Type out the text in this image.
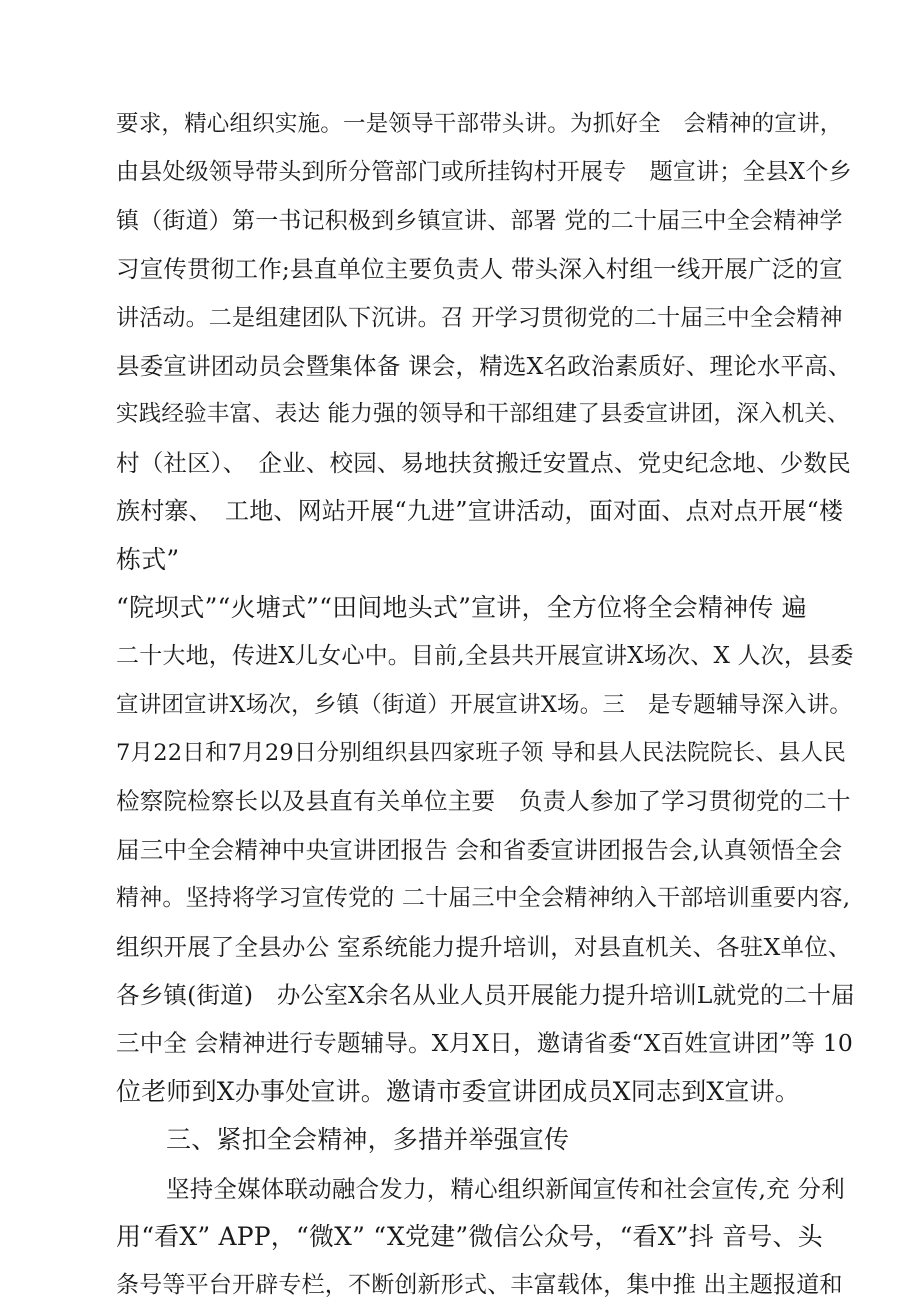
要求，精心组织实施。一是领导干部带头讲。为抓好全　会精神的宣讲，
由县处级领导带头到所分管部门或所挂钩村开展专　题宣讲；全县X个乡
镇（街道）第一书记积极到乡镇宣讲、部署 党的二十届三中全会精神学
习宣传贯彻工作;县直单位主要负责人 带头深入村组一线开展广泛的宣
讲活动。二是组建团队下沉讲。召 开学习贯彻党的二十届三中全会精神
县委宣讲团动员会暨集体备 课会，精选X名政治素质好、理论水平高、
实践经验丰富、表达 能力强的领导和干部组建了县委宣讲团，深入机关、
村（社区）、　企业、校园、易地扶贫搬迁安置点、党史纪念地、少数民
族村寨、　工地、网站开展“九进”宣讲活动，面对面、点对点开展“楼
栋式”
“院坝式”“火塘式”“田间地头式”宣讲，全方位将全会精神传 遍
二十大地，传进X儿女心中。目前,全县共开展宣讲X场次、X 人次，县委
宣讲团宣讲X场次，乡镇（街道）开展宣讲X场。三　是专题辅导深入讲。
7月22日和7月29日分别组织县四家班子领 导和县人民法院院长、县人民
检察院检察长以及县直有关单位主要　负责人参加了学习贯彻党的二十
届三中全会精神中央宣讲团报告 会和省委宣讲团报告会,认真领悟全会
精神。坚持将学习宣传党的 二十届三中全会精神纳入干部培训重要内容,
组织开展了全县办公 室系统能力提升培训，对县直机关、各驻X单位、
各乡镇(街道)　办公室X余名从业人员开展能力提升培训L就党的二十届
三中全 会精神进行专题辅导。X月X日，邀请省委“X百姓宣讲团”等 10
位老师到X办事处宣讲。邀请市委宣讲团成员X同志到X宣讲。
三、紧扣全会精神，多措并举强宣传
坚持全媒体联动融合发力，精心组织新闻宣传和社会宣传,充 分利
用“看X” APP，“微X” “X党建”微信公众号，“看X”抖 音号、头
条号等平台开辟专栏，不断创新形式、丰富载体，集中推 出主题报道和
